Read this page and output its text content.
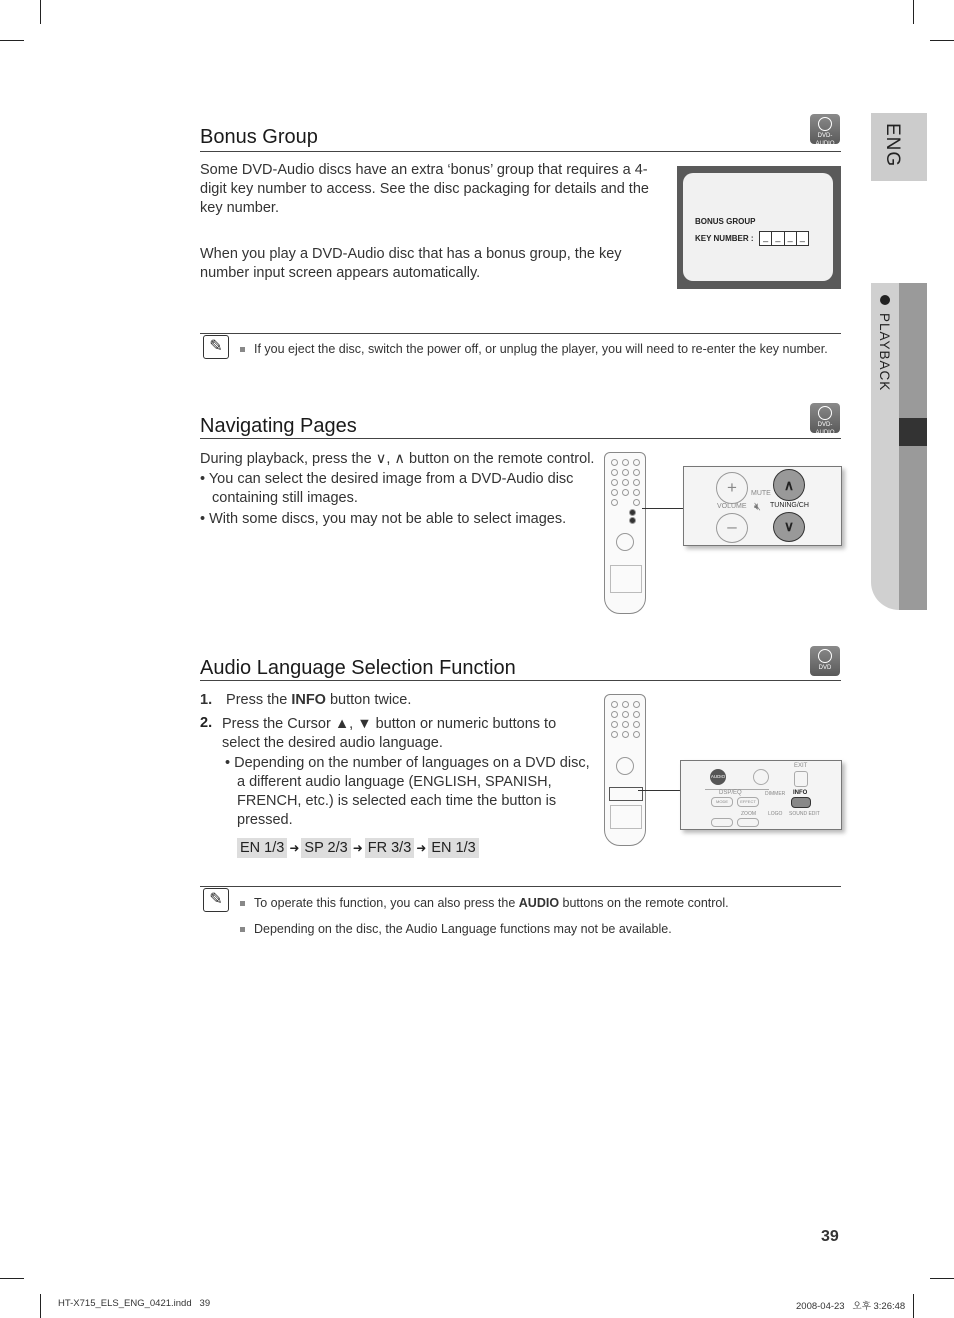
ENG
PLAYBACK
Bonus Group	DVD-AUDIO
Some DVD-Audio discs have an extra ‘bonus’ group that requires a 4-digit key number to access. See the disc packaging for details and the key number.
When you play a DVD-Audio disc that has a bonus group, the key number input screen appears automatically.
BONUS GROUP
KEY NUMBER :	_ _ _ _
✎	If you eject the disc, switch the power off, or unplug the player, you will need to re-enter the key number.
Navigating Pages	DVD-AUDIO
During playback, press the ∨, ∧ button on the remote control.
• You can select the desired image from a DVD-Audio disc containing still images.
• With some discs, you may not be able to select images.
+
VOLUME
–
MUTE
🔇︎
∧
TUNING/CH
∨
Audio Language Selection Function	DVD
1. Press the INFO button twice.
2. Press the Cursor ▲, ▼ button or numeric buttons to select the desired audio language.
• Depending on the number of languages on a DVD disc, a different audio language (ENGLISH, SPANISH, FRENCH, etc.) is selected each time the button is pressed.
EN 1/3 ➜ SP 2/3 ➜ FR 3/3 ➜ EN 1/3
AUDIO
EXIT
DSP/EQ
MODE	EFFECT
DIMMER INFO
ZOOM LOGO SOUND EDIT
✎	To operate this function, you can also press the AUDIO buttons on the remote control.
Depending on the disc, the Audio Language functions may not be available.
39
HT-X715_ELS_ENG_0421.indd   39	2008-04-23   오후 3:26:48
